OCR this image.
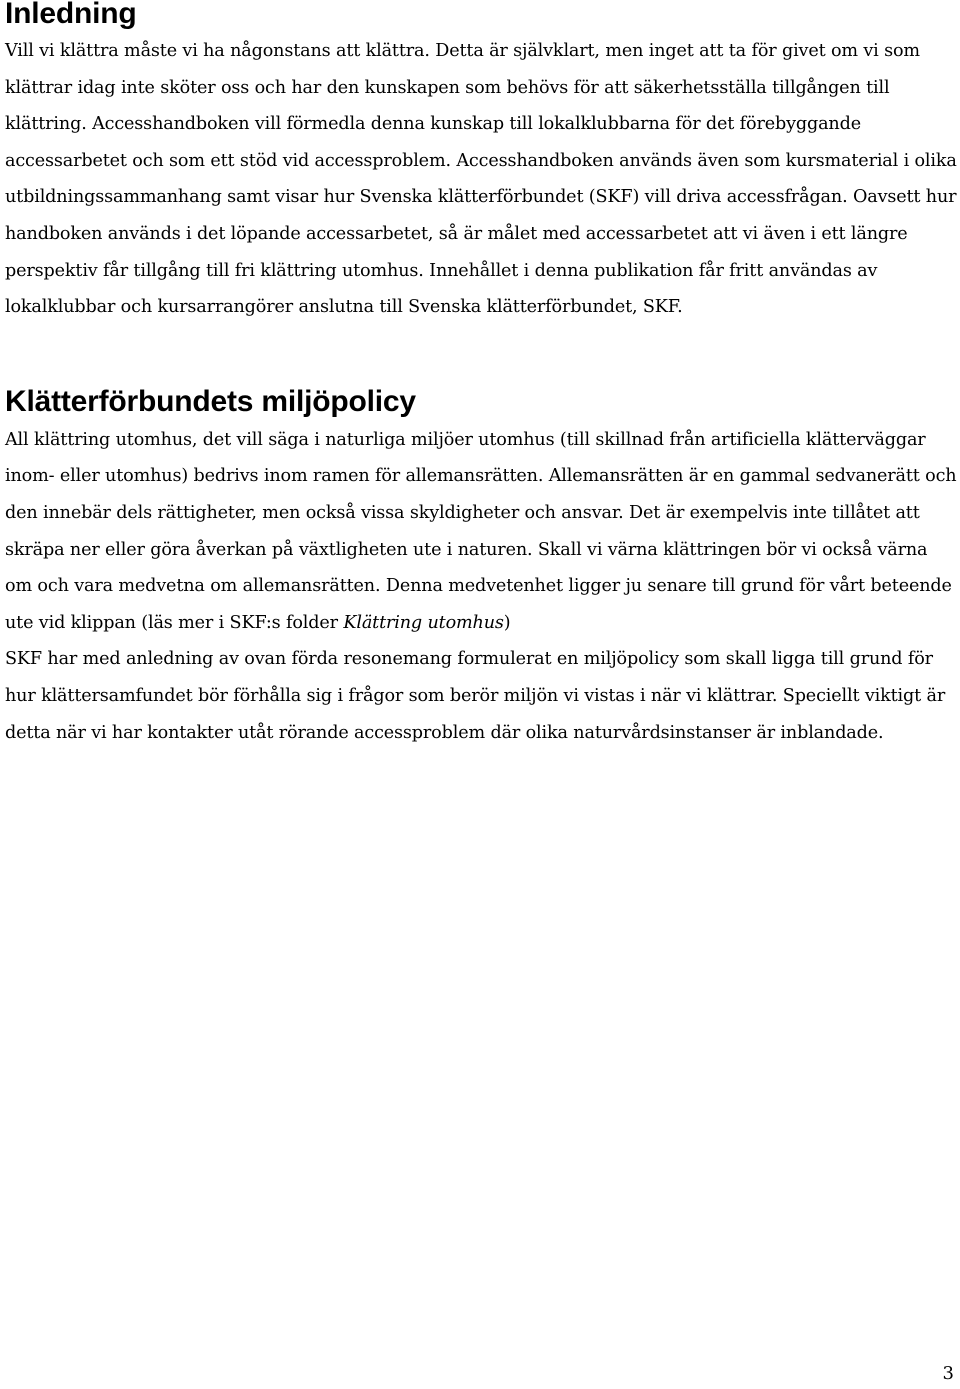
Inledning

Vill vi klättra måste vi ha någonstans att klättra. Detta är självklart, men inget att ta för givet om vi som klättrar idag inte sköter oss och har den kunskapen som behövs för att säkerhetsställa tillgången till klättring. Accesshandboken vill förmedla denna kunskap till lokalklubbarna för det förebyggande accessarbetet och som ett stöd vid accessproblem. Accesshandboken används även som kursmaterial i olika utbildningssammanhang samt visar hur Svenska klätterförbundet (SKF) vill driva accessfrågan. Oavsett hur handboken används i det löpande accessarbetet, så är målet med accessarbetet att vi även i ett längre perspektiv får tillgång till fri klättring utomhus. Innehållet i denna publikation får fritt användas av lokalklubbar och kursarrangörer anslutna till Svenska klätterförbundet, SKF.

Klätterförbundets miljöpolicy

All klättring utomhus, det vill säga i naturliga miljöer utomhus (till skillnad från artificiella klätterväggar inom- eller utomhus) bedrivs inom ramen för allemansrätten. Allemansrätten är en gammal sedvanerätt och den innebär dels rättigheter, men också vissa skyldigheter och ansvar. Det är exempelvis inte tillåtet att skräpa ner eller göra åverkan på växtligheten ute i naturen. Skall vi värna klättringen bör vi också värna om och vara medvetna om allemansrätten. Denna medvetenhet ligger ju senare till grund för vårt beteende ute vid klippan (läs mer i SKF:s folder Klättring utomhus)

SKF har med anledning av ovan förda resonemang formulerat en miljöpolicy som skall ligga till grund för hur klättersamfundet bör förhålla sig i frågor som berör miljön vi vistas i när vi klättrar. Speciellt viktigt är detta när vi har kontakter utåt rörande accessproblem där olika naturvårdsinstanser är inblandade.

3
